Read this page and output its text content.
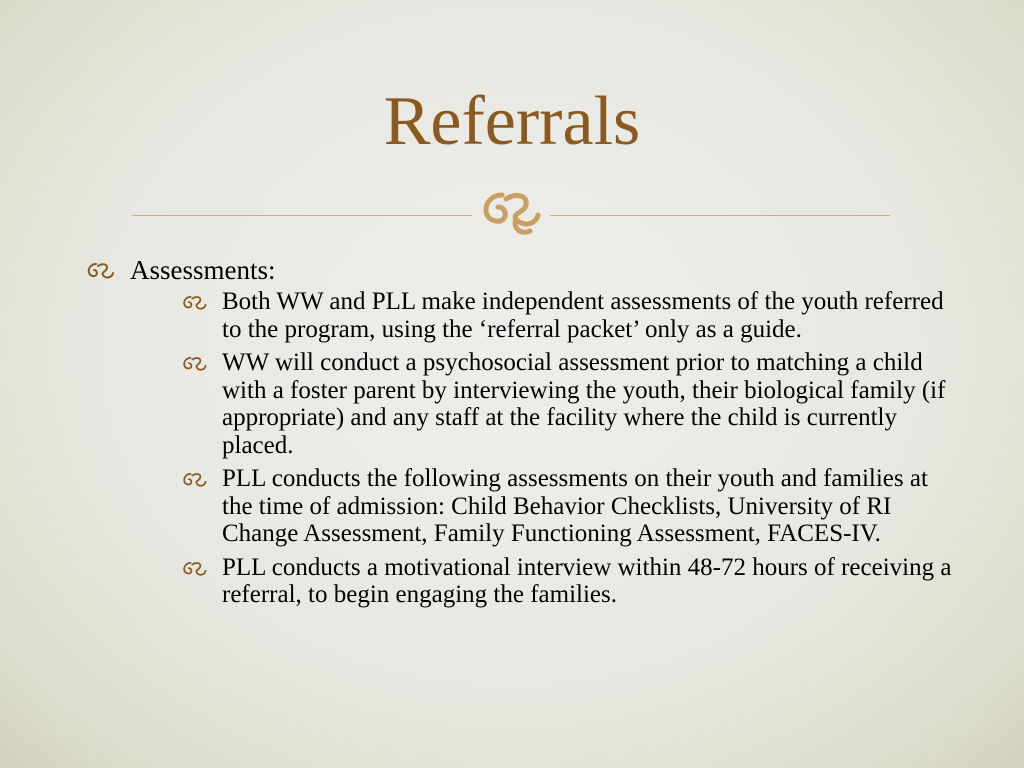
Referrals
Assessments:
Both WW and PLL make independent assessments of the youth referred to the program, using the ‘referral packet’ only as a guide.
WW will conduct a psychosocial assessment prior to matching a child with a foster parent by interviewing the youth, their biological family (if appropriate) and any staff at the facility where the child is currently placed.
PLL conducts the following assessments on their youth and families at the time of admission: Child Behavior Checklists, University of RI Change Assessment, Family Functioning Assessment, FACES-IV.
PLL conducts a motivational interview within 48-72 hours of receiving a referral, to begin engaging the families.
